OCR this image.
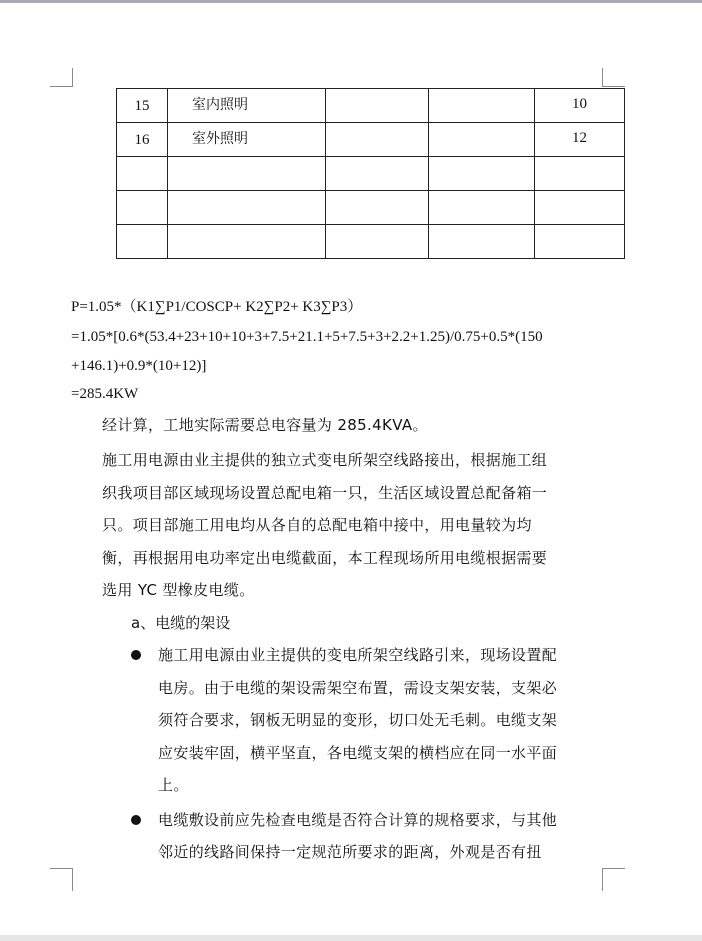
15	室内照明			10
16	室外照明			12

P=1.05*（K1∑P1/COSCP+ K2∑P2+ K3∑P3）
=1.05*[0.6*(53.4+23+10+10+3+7.5+21.1+5+7.5+3+2.2+1.25)/0.75+0.5*(150
+146.1)+0.9*(10+12)]
=285.4KW
经计算，工地实际需要总电容量为 285.4KVA。
施工用电源由业主提供的独立式变电所架空线路接出，根据施工组
织我项目部区域现场设置总配电箱一只，生活区域设置总配备箱一
只。项目部施工用电均从各自的总配电箱中接中，用电量较为均
衡，再根据用电功率定出电缆截面，本工程现场所用电缆根据需要
选用 YC 型橡皮电缆。
a、电缆的架设
施工用电源由业主提供的变电所架空线路引来，现场设置配
电房。由于电缆的架设需架空布置，需设支架安装，支架必
须符合要求，钢板无明显的变形，切口处无毛刺。电缆支架
应安装牢固，横平坚直，各电缆支架的横档应在同一水平面
上。
电缆敷设前应先检查电缆是否符合计算的规格要求，与其他
邻近的线路间保持一定规范所要求的距离，外观是否有扭
